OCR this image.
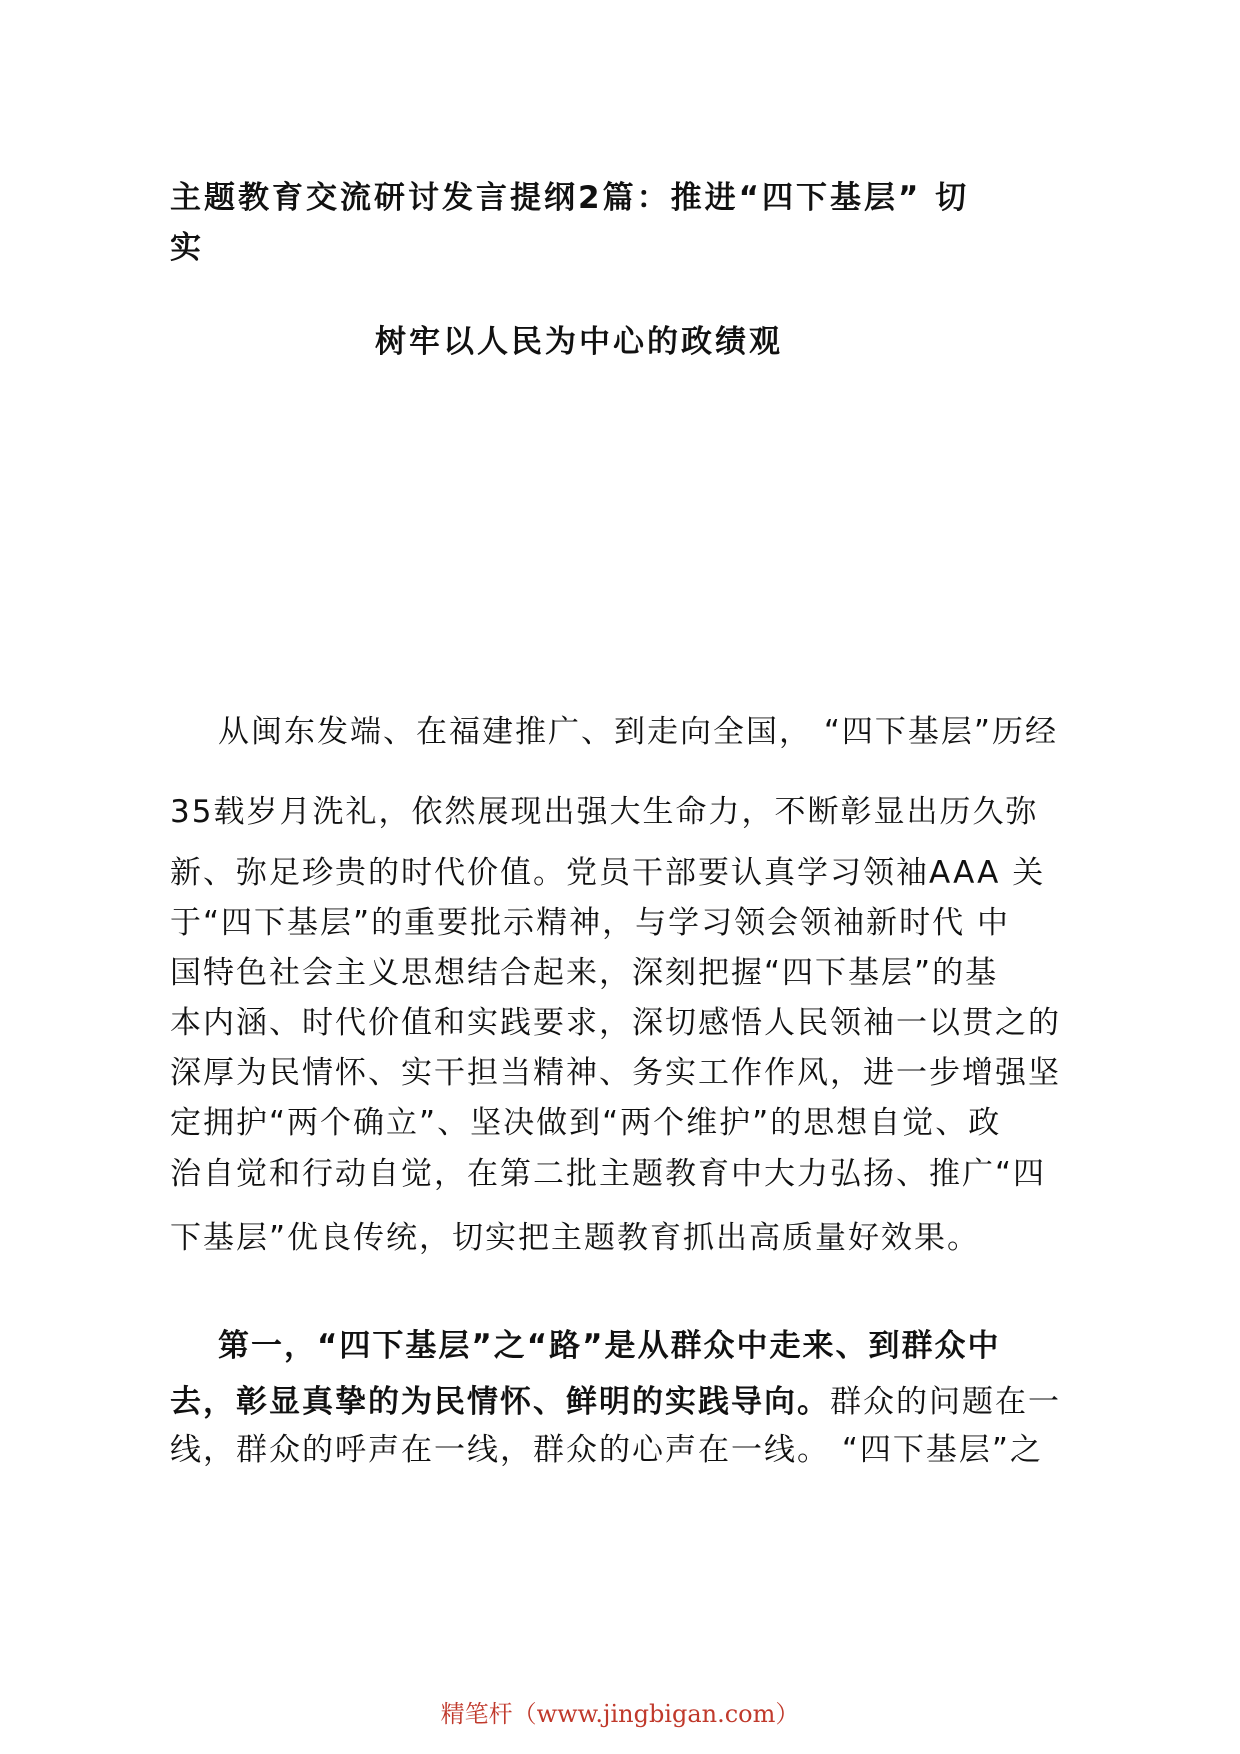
主题教育交流研讨发言提纲2篇：推进“四下基层” 切
实
树牢以人民为中心的政绩观
从闽东发端、在福建推广、到走向全国， “四下基层”历经
35载岁月洗礼，依然展现出强大生命力，不断彰显出历久弥
新、弥足珍贵的时代价值。党员干部要认真学习领袖AAA 关
于“四下基层”的重要批示精神，与学习领会领袖新时代 中
国特色社会主义思想结合起来，深刻把握“四下基层”的基
本内涵、时代价值和实践要求，深切感悟人民领袖一以贯之的
深厚为民情怀、实干担当精神、务实工作作风，进一步增强坚
定拥护“两个确立”、坚决做到“两个维护”的思想自觉、政
治自觉和行动自觉，在第二批主题教育中大力弘扬、推广“四
下基层”优良传统，切实把主题教育抓出高质量好效果。
第一，“四下基层”之“路”是从群众中走来、到群众中
去，彰显真挚的为民情怀、鲜明的实践导向。群众的问题在一
线，群众的呼声在一线，群众的心声在一线。 “四下基层”之
精笔杆（www.jingbigan.com）
